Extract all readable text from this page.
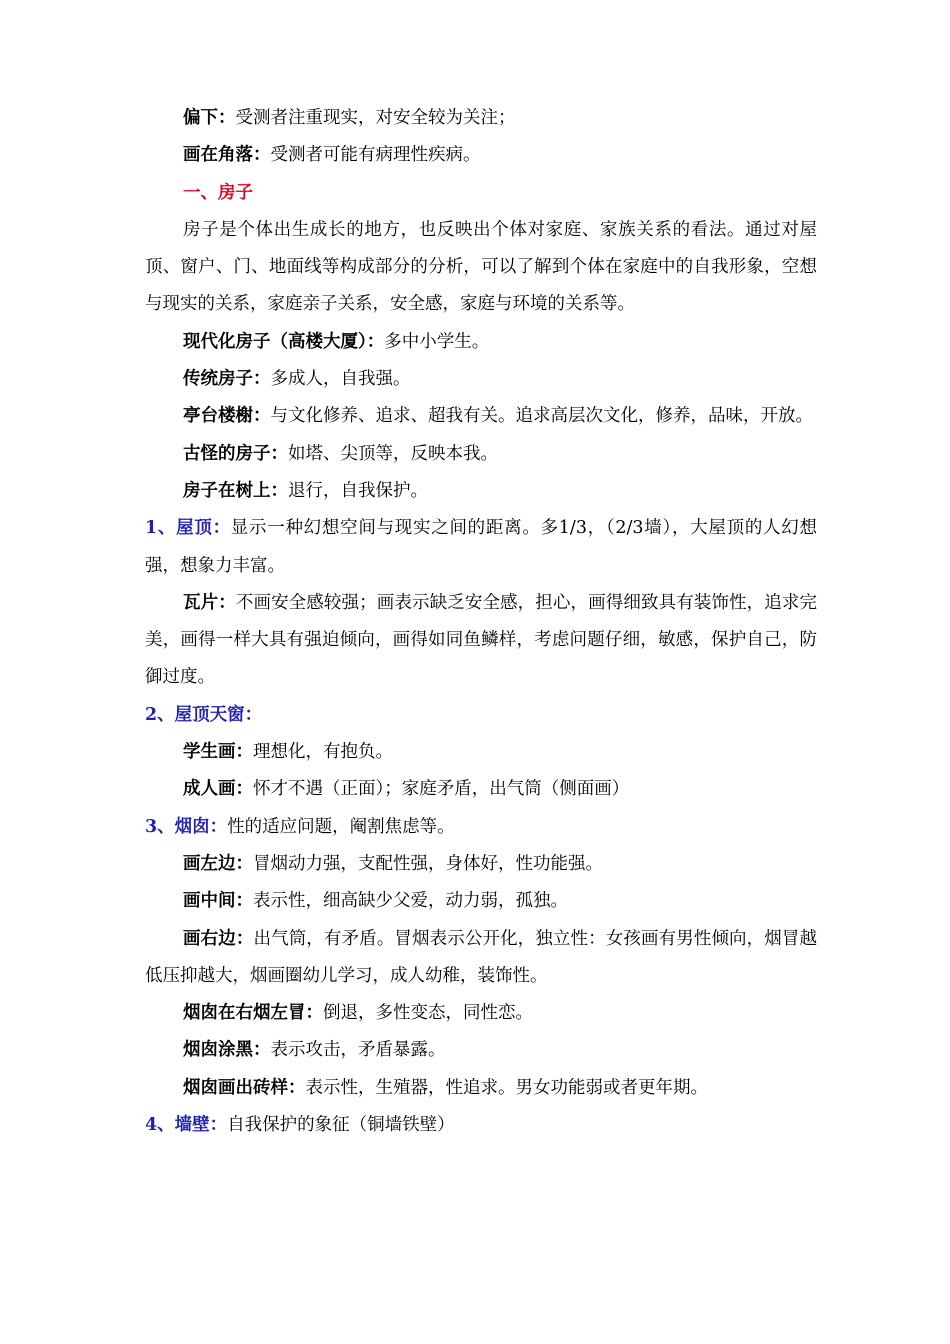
偏下：受测者注重现实，对安全较为关注；

画在角落：受测者可能有病理性疾病。

一、房子

房子是个体出生成长的地方，也反映出个体对家庭、家族关系的看法。通过对屋顶、窗户、门、地面线等构成部分的分析，可以了解到个体在家庭中的自我形象，空想与现实的关系，家庭亲子关系，安全感，家庭与环境的关系等。

现代化房子（高楼大厦）：多中小学生。

传统房子：多成人，自我强。

亭台楼榭：与文化修养、追求、超我有关。追求高层次文化，修养，品味，开放。

古怪的房子：如塔、尖顶等，反映本我。

房子在树上：退行，自我保护。

1、屋顶：显示一种幻想空间与现实之间的距离。多1/3，（2/3墙），大屋顶的人幻想强，想象力丰富。

瓦片：不画安全感较强；画表示缺乏安全感，担心，画得细致具有装饰性，追求完美，画得一样大具有强迫倾向，画得如同鱼鳞样，考虑问题仔细，敏感，保护自己，防御过度。

2、屋顶天窗：

学生画：理想化，有抱负。

成人画：怀才不遇（正面）；家庭矛盾，出气筒（侧面画）

3、烟囱：性的适应问题，阉割焦虑等。

画左边：冒烟动力强，支配性强，身体好，性功能强。

画中间：表示性，细高缺少父爱，动力弱，孤独。

画右边：出气筒，有矛盾。冒烟表示公开化，独立性：女孩画有男性倾向，烟冒越低压抑越大，烟画圈幼儿学习，成人幼稚，装饰性。

烟囱在右烟左冒：倒退，多性变态，同性恋。

烟囱涂黑：表示攻击，矛盾暴露。

烟囱画出砖样：表示性，生殖器，性追求。男女功能弱或者更年期。

4、墙壁：自我保护的象征（铜墙铁壁）
